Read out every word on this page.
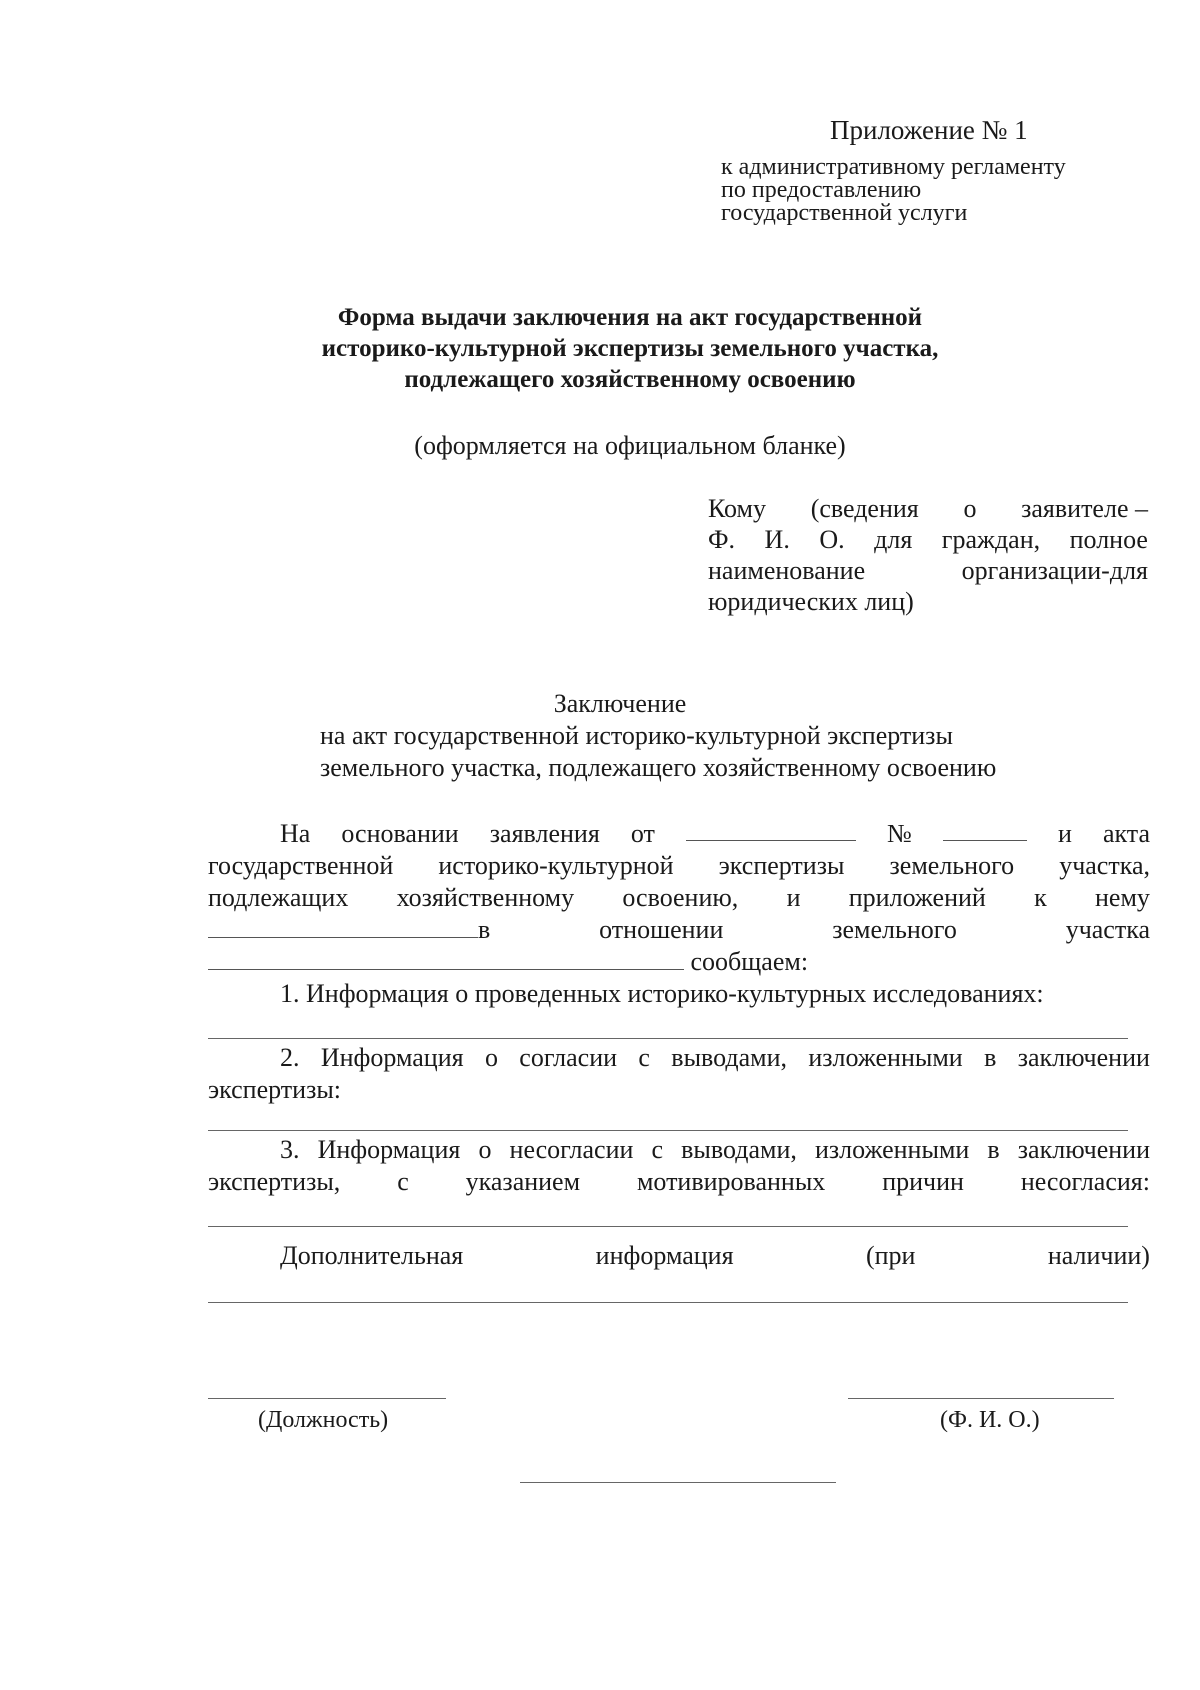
Приложение № 1
к административному регламенту
по предоставлению
государственной услуги
Форма выдачи заключения на акт государственной
историко-культурной экспертизы земельного участка,
подлежащего хозяйственному освоению
(оформляется на официальном бланке)
Кому (сведения о заявителе –
Ф. И. О. для граждан, полное
наименование	организации-для
юридических лиц)
Заключение
на акт государственной историко-культурной экспертизы
земельного участка, подлежащего хозяйственному освоению
На основании заявления от	№	и акта
государственной историко-культурной экспертизы земельного участка,
подлежащих хозяйственному освоению, и приложений к нему
в	отношении	земельного	участка
сообщаем:
1. Информация о проведенных историко-культурных исследованиях:
2. Информация о согласии с выводами, изложенными в заключении
экспертизы:
3. Информация о несогласии с выводами, изложенными в заключении
экспертизы, с указанием мотивированных причин несогласия:
Дополнительная	информация	(при	наличии)
(Должность)	(Ф. И. О.)
